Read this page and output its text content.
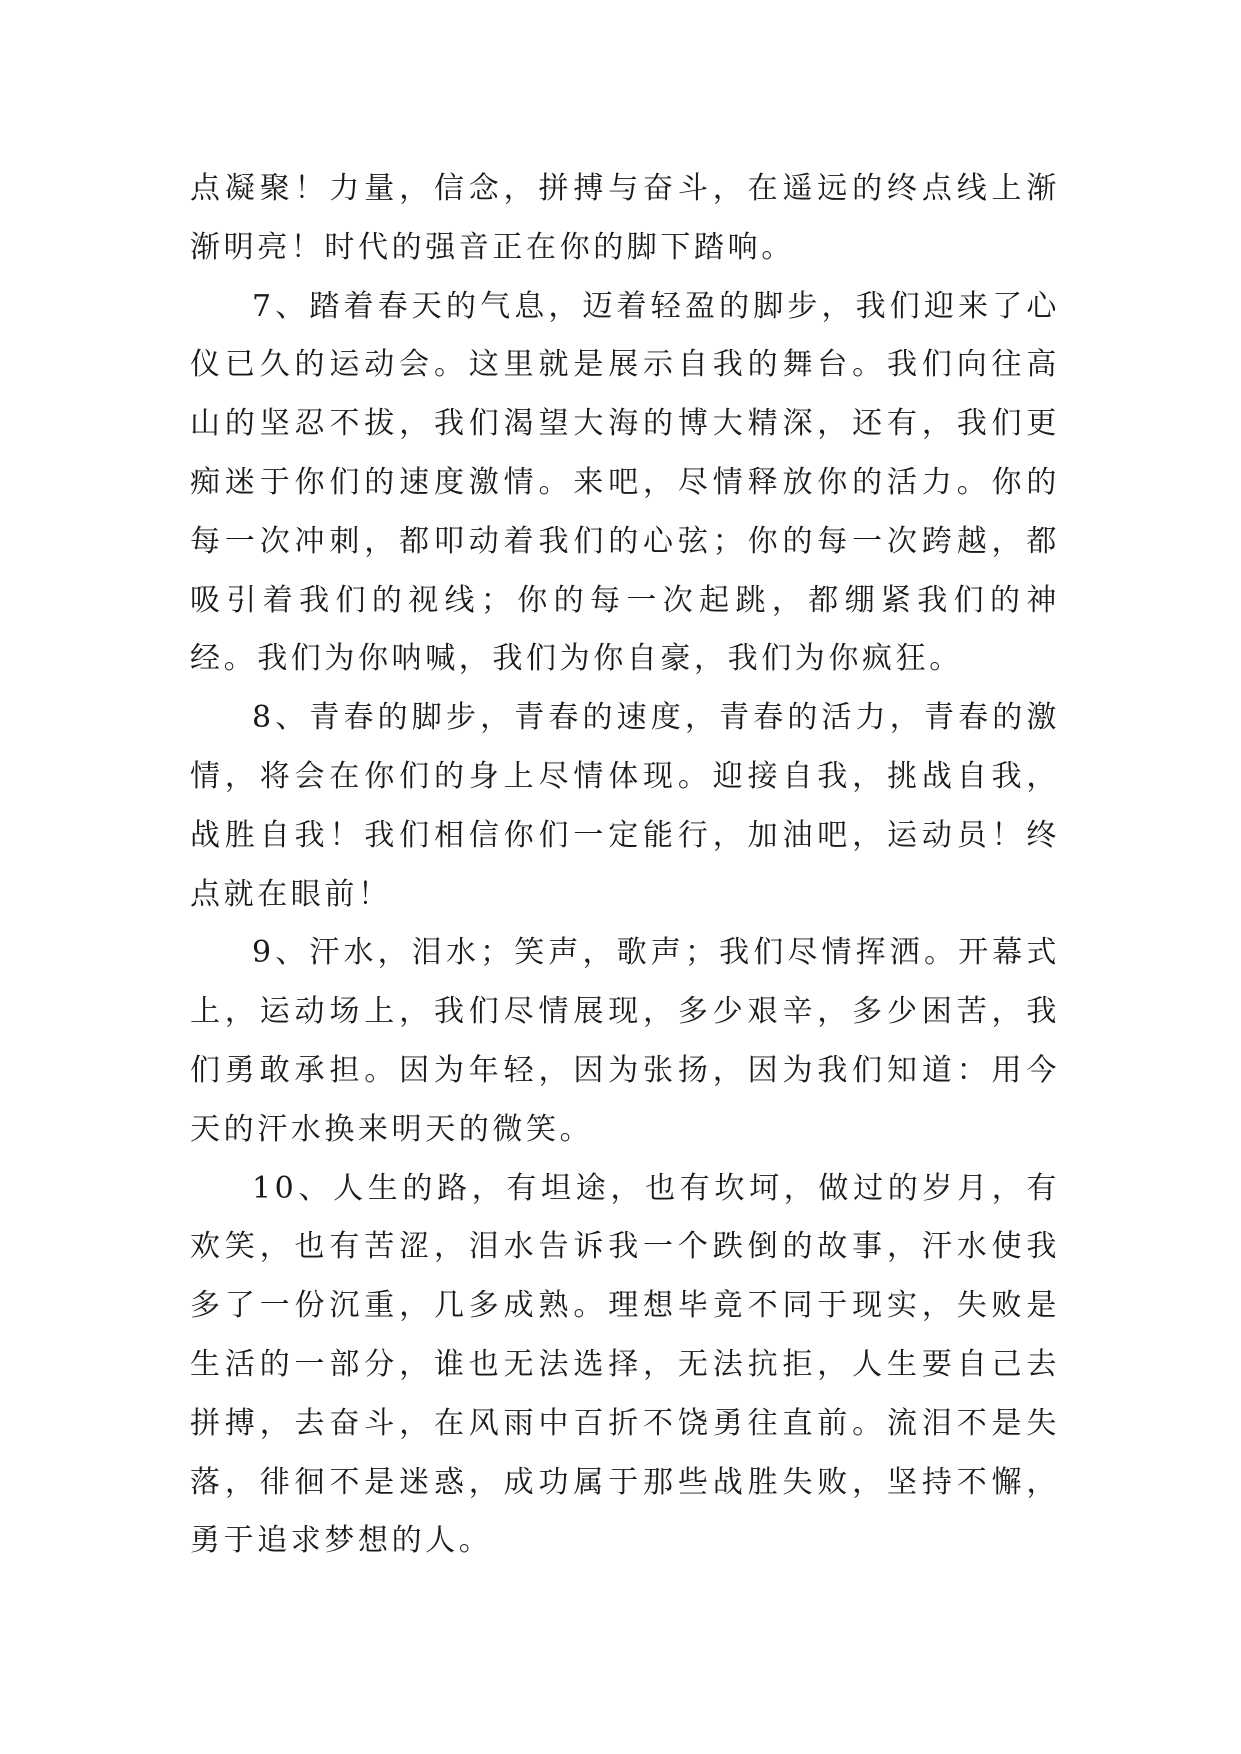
点凝聚！力量，信念，拼搏与奋斗，在遥远的终点线上渐渐明亮！时代的强音正在你的脚下踏响。

7、踏着春天的气息，迈着轻盈的脚步，我们迎来了心仪已久的运动会。这里就是展示自我的舞台。我们向往高山的坚忍不拔，我们渴望大海的博大精深，还有，我们更痴迷于你们的速度激情。来吧，尽情释放你的活力。你的每一次冲刺，都叩动着我们的心弦；你的每一次跨越，都吸引着我们的视线；你的每一次起跳，都绷紧我们的神经。我们为你呐喊，我们为你自豪，我们为你疯狂。

8、青春的脚步，青春的速度，青春的活力，青春的激情，将会在你们的身上尽情体现。迎接自我，挑战自我，战胜自我！我们相信你们一定能行，加油吧，运动员！终点就在眼前！

9、汗水，泪水；笑声，歌声；我们尽情挥洒。开幕式上，运动场上，我们尽情展现，多少艰辛，多少困苦，我们勇敢承担。因为年轻，因为张扬，因为我们知道：用今天的汗水换来明天的微笑。

10、人生的路，有坦途，也有坎坷，做过的岁月，有欢笑，也有苦涩，泪水告诉我一个跌倒的故事，汗水使我多了一份沉重，几多成熟。理想毕竟不同于现实，失败是生活的一部分，谁也无法选择，无法抗拒，人生要自己去拼搏，去奋斗，在风雨中百折不饶勇往直前。流泪不是失落，徘徊不是迷惑，成功属于那些战胜失败，坚持不懈，勇于追求梦想的人。
